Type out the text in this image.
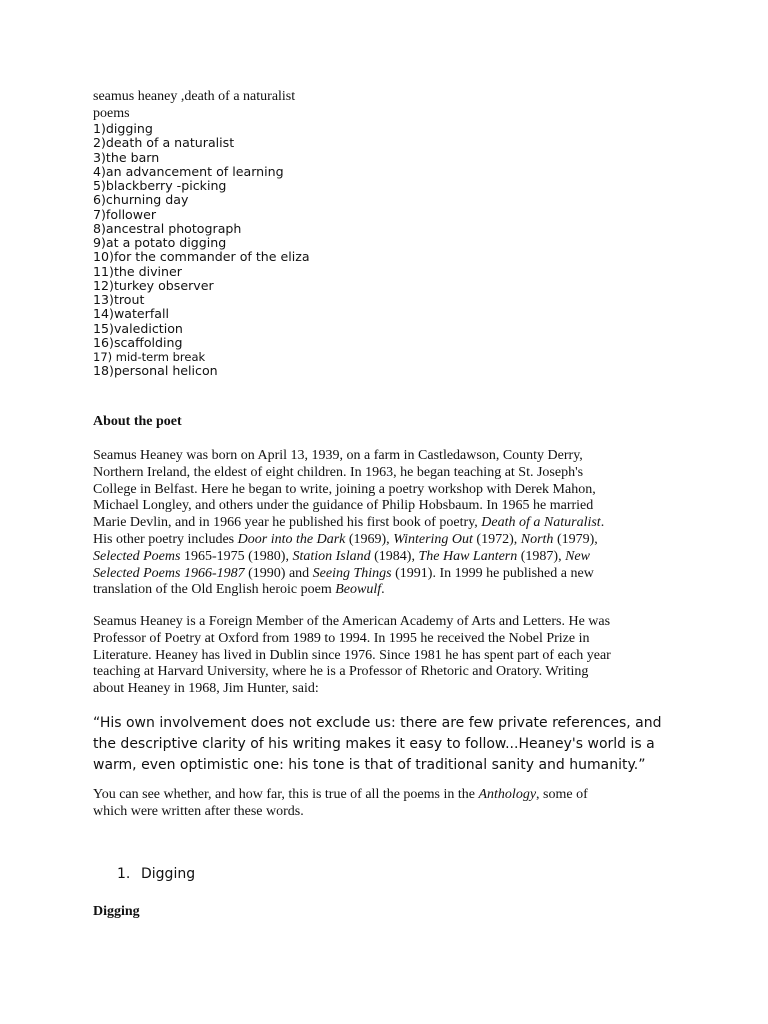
seamus heaney ,death of a naturalist
poems
1)digging
2)death of a naturalist
3)the barn
4)an advancement of learning
5)blackberry -picking
6)churning day
7)follower
8)ancestral photograph
9)at a potato digging
10)for the commander of the eliza
11)the diviner
12)turkey observer
13)trout
14)waterfall
15)valediction
16)scaffolding
17) mid-term break
18)personal helicon
About the poet
Seamus Heaney was born on April 13, 1939, on a farm in Castledawson, County Derry,
Northern Ireland, the eldest of eight children. In 1963, he began teaching at St. Joseph's
College in Belfast. Here he began to write, joining a poetry workshop with Derek Mahon,
Michael Longley, and others under the guidance of Philip Hobsbaum. In 1965 he married
Marie Devlin, and in 1966 year he published his first book of poetry, Death of a Naturalist.
His other poetry includes Door into the Dark (1969), Wintering Out (1972), North (1979),
Selected Poems 1965-1975 (1980), Station Island (1984), The Haw Lantern (1987), New
Selected Poems 1966-1987 (1990) and Seeing Things (1991). In 1999 he published a new
translation of the Old English heroic poem Beowulf.
Seamus Heaney is a Foreign Member of the American Academy of Arts and Letters. He was
Professor of Poetry at Oxford from 1989 to 1994. In 1995 he received the Nobel Prize in
Literature. Heaney has lived in Dublin since 1976. Since 1981 he has spent part of each year
teaching at Harvard University, where he is a Professor of Rhetoric and Oratory. Writing
about Heaney in 1968, Jim Hunter, said:
“His own involvement does not exclude us: there are few private references, and
the descriptive clarity of his writing makes it easy to follow...Heaney's world is a
warm, even optimistic one: his tone is that of traditional sanity and humanity.”
You can see whether, and how far, this is true of all the poems in the Anthology, some of
which were written after these words.
1. Digging
Digging
